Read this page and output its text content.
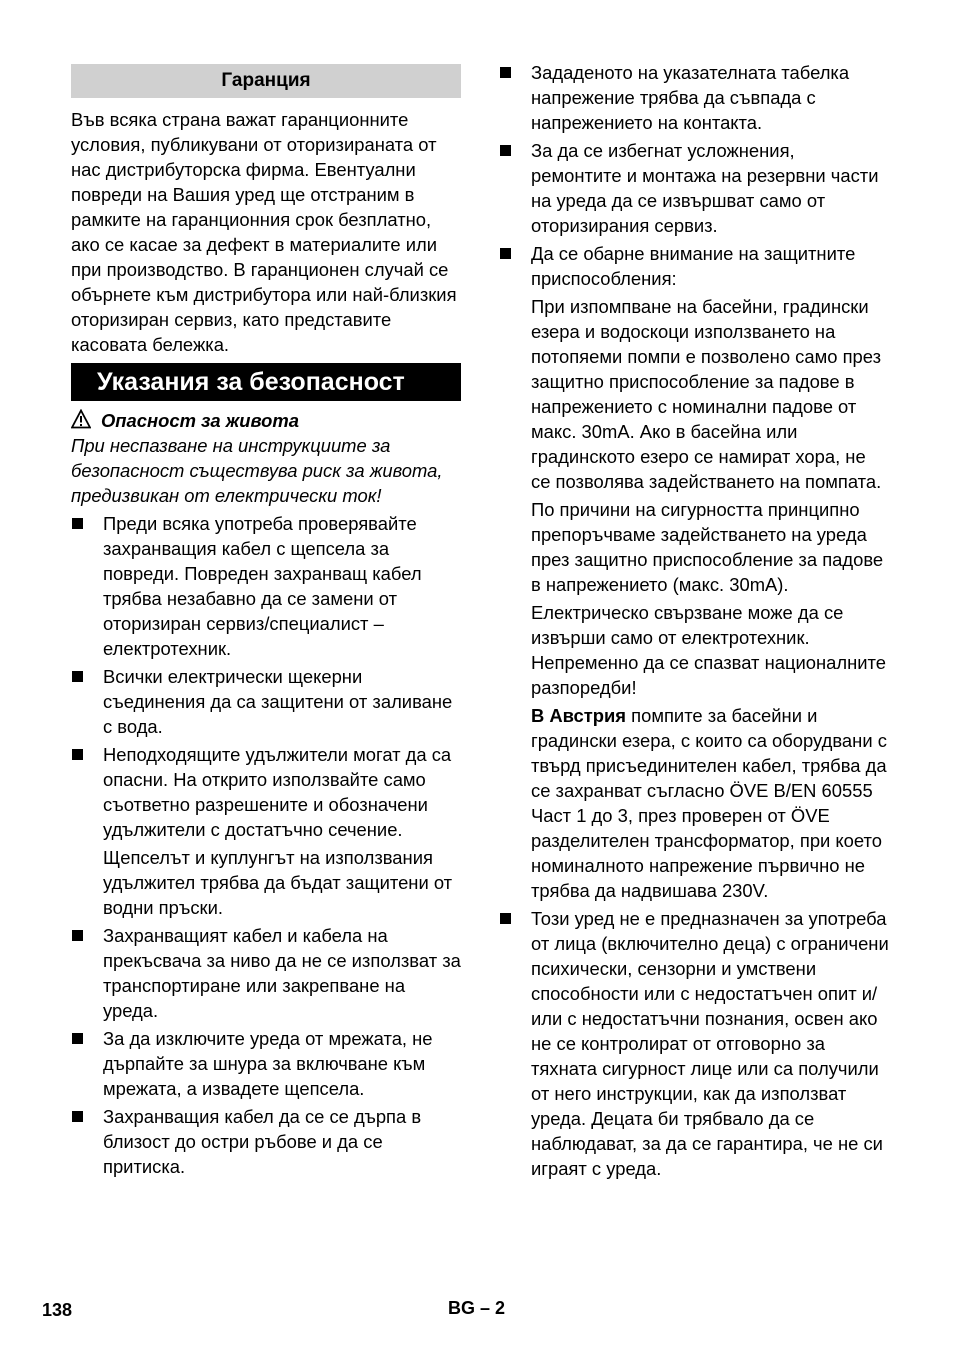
Гаранция

Във всяка страна важат гаранционните условия, публикувани от оторизираната от нас дистрибуторска фирма. Евентуални повреди на Вашия уред ще отстраним в рамките на гаранционния срок безплатно, ако се касае за дефект в материалите или при производство. В гаранционен случай се обърнете към дистрибутора или най-близкия оторизиран сервиз, като представите касовата бележка.

Указания за безопасност

Опасност за живота

При неспазване на инструкциите за безопасност съществува риск за живота, предизвикан от електрически ток!

Преди всяка употреба проверявайте захранващия кабел с щепсела за повреди. Повреден захранващ кабел трябва незабавно да се замени от оторизиран сервиз/специалист – електротехник.

Всички електрически щекерни съединения да са защитени от заливане с вода.

Неподходящите удължители могат да са опасни. На открито използвайте само съответно разрешените и обозначени удължители с достатъчно сечение.

Щепселът и куплунгът на използвания удължител трябва да бъдат защитени от водни пръски.

Захранващият кабел и кабела на прекъсвача за ниво да не се използват за транспортиране или закрепване на уреда.

За да изключите уреда от мрежата, не дърпайте за шнура за включване към мрежата, а извадете щепсела.

Захранващия кабел да се се дърпа в близост до остри ръбове и да се притиска.

Зададеното на указателната табелка напрежение трябва да съвпада с напрежението на контакта.

За да се избегнат усложнения, ремонтите и монтажа на резервни части на уреда да се извършват само от оторизирания сервиз.

Да се обарне внимание на защитните приспособления:

При изпомпване на басейни, градински езера и водоскоци използването на потопяеми помпи е позволено само през защитно приспособление за падове в напрежението с номинални падове от макс. 30mA. Ако в басейна или градинското езеро се намират хора, не се позволява задействането на помпата.

По причини на сигурността принципно препоръчваме задействането на уреда през защитно приспособление за падове в напрежението (макс. 30mA).

Електрическо свързване може да се извърши само от електротехник. Непременно да се спазват националните разпоредби!

В Австрия помпите за басейни и градински езера, с които са оборудвани с твърд присъединителен кабел, трябва да се захранват съгласно ÖVE B/EN 60555 Част 1 до 3, през проверен от ÖVE разделителен трансформатор, при което номиналното напрежение първично не трябва да надвишава 230V.

Този уред не е предназначен за употреба от лица (включително деца) с ограничени психически, сензорни и умствени способности или с недостатъчен опит и/или с недостатъчни познания, освен ако не се контролират от отговорно за тяхната сигурност лице или са получили от него инструкции, как да използват уреда. Децата би трябвало да се наблюдават, за да се гарантира, че не си играят с уреда.

138	BG – 2
